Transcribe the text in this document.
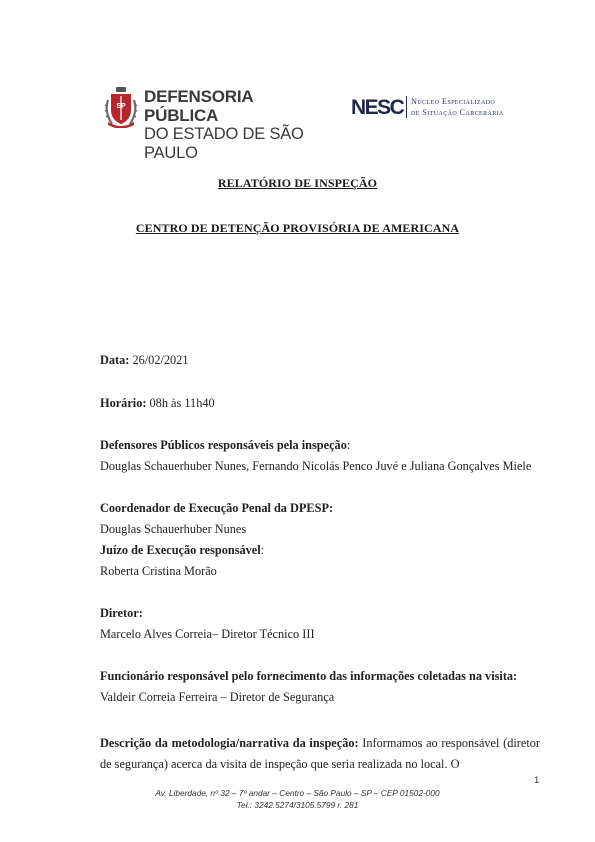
SP
DEFENSORIA PÚBLICA
DO ESTADO DE SÃO PAULO
NESC Núcleo Especializado
de Situação Carcerária
RELATÓRIO DE INSPEÇÃO
CENTRO DE DETENÇÃO PROVISÓRIA DE AMERICANA
Data: 26/02/2021
Horário: 08h às 11h40
Defensores Públicos responsáveis pela inspeção:
Douglas Schauerhuber Nunes, Fernando Nicolás Penco Juvé e Juliana Gonçalves Miele
Coordenador de Execução Penal da DPESP:
Douglas Schauerhuber Nunes
Juízo de Execução responsável:
Roberta Cristina Morão
Diretor:
Marcelo Alves Correia– Diretor Técnico III
Funcionário responsável pelo fornecimento das informações coletadas na visita:
Valdeir Correia Ferreira – Diretor de Segurança
Descrição da metodologia/narrativa da inspeção: Informamos ao responsável (diretor de segurança) acerca da visita de inspeção que seria realizada no local. O
1
Av. Liberdade, nº 32 – 7º andar – Centro – São Paulo – SP – CEP 01502-000
Tel.: 3242.5274/3105.5799 r. 281
